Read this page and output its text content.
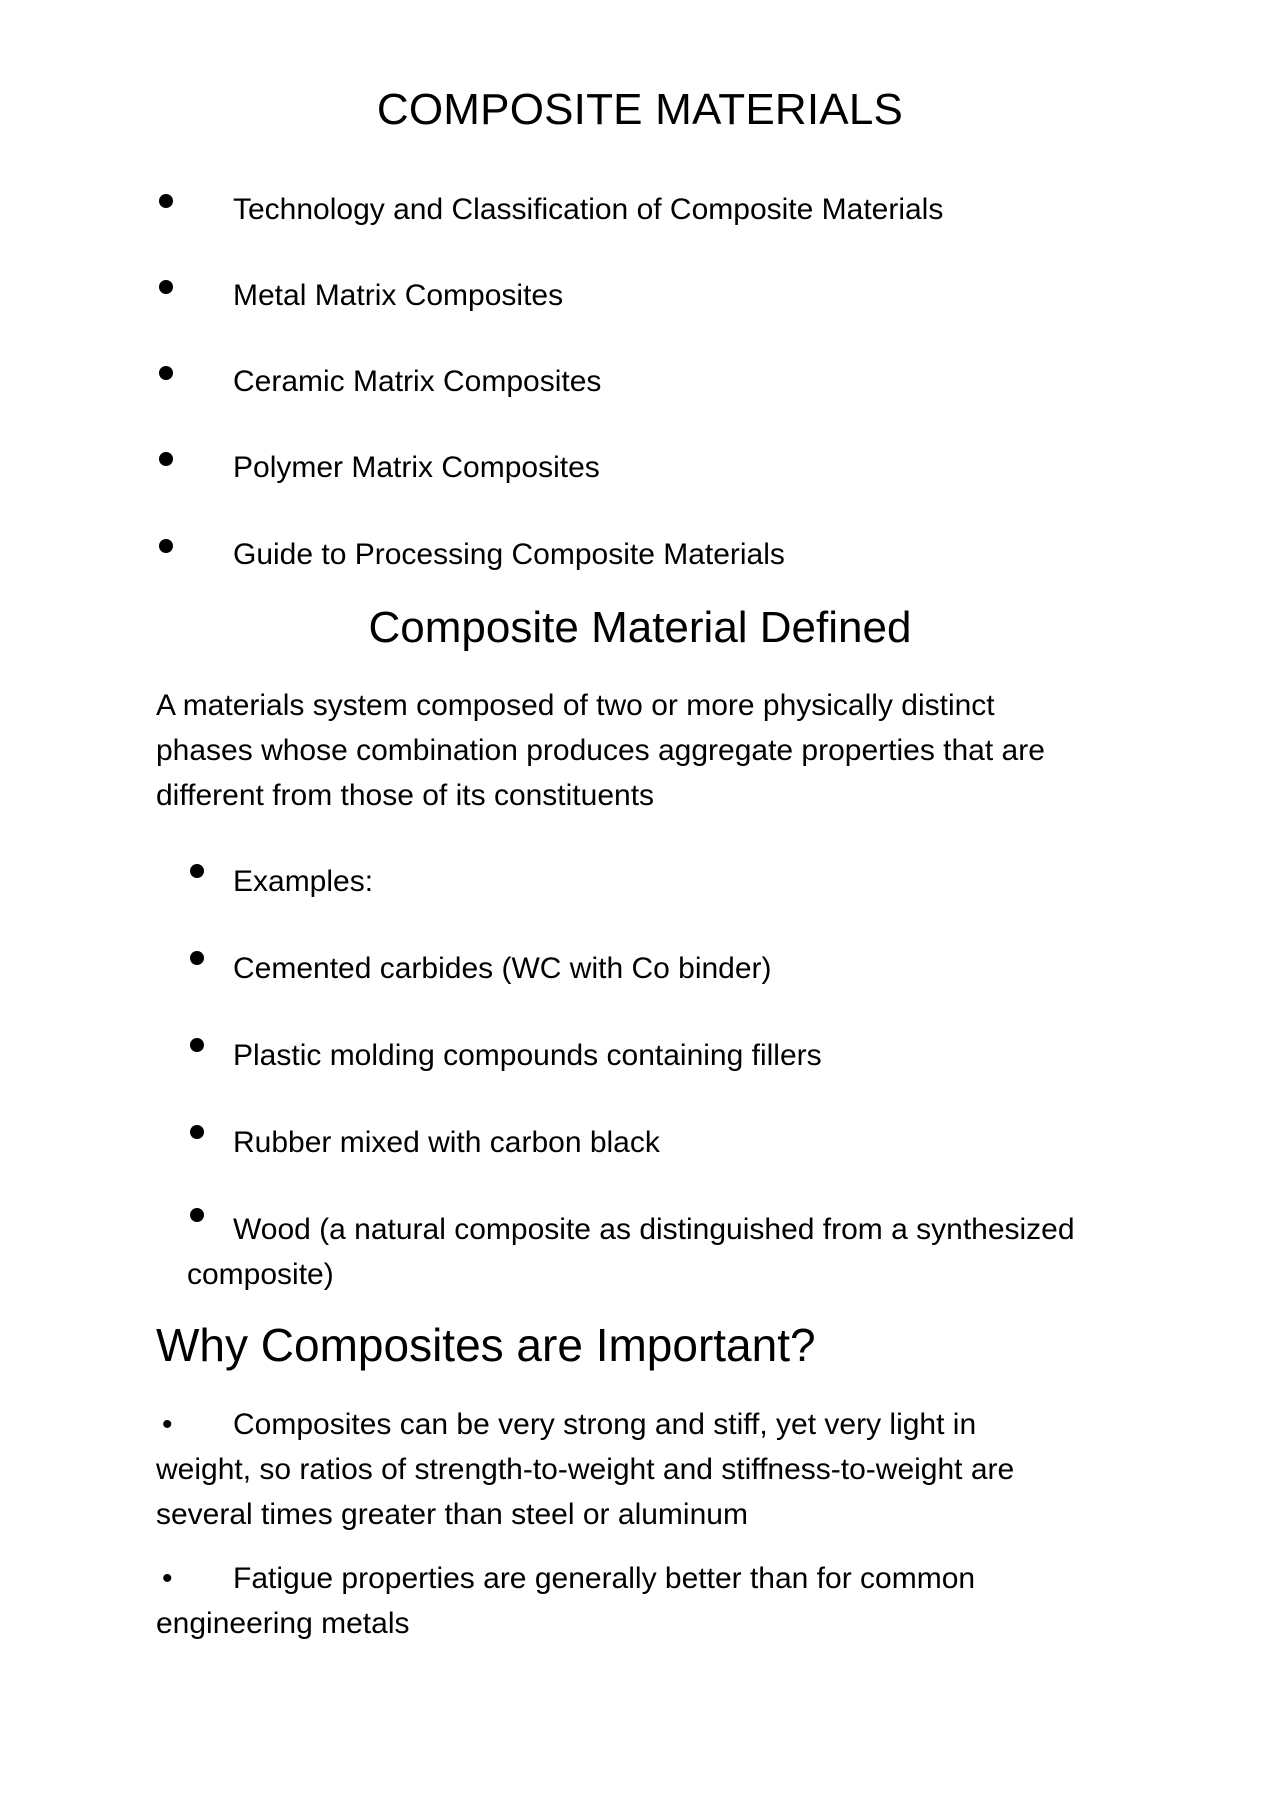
COMPOSITE MATERIALS
Technology and Classification of Composite Materials
Metal Matrix Composites
Ceramic Matrix Composites
Polymer Matrix Composites
Guide to Processing Composite Materials
Composite Material Defined

A materials system composed of two or more physically distinct
phases whose combination produces aggregate properties that are
different from those of its constituents

Examples:
Cemented carbides (WC with Co binder)
Plastic molding compounds containing fillers
Rubber mixed with carbon black
Wood (a natural composite as distinguished from a synthesized
composite)
Why Composites are Important?
•	Composites can be very strong and stiff, yet very light in
weight, so ratios of strength-to-weight and stiffness-to-weight are
several times greater than steel or aluminum
•	Fatigue properties are generally better than for common
engineering metals
